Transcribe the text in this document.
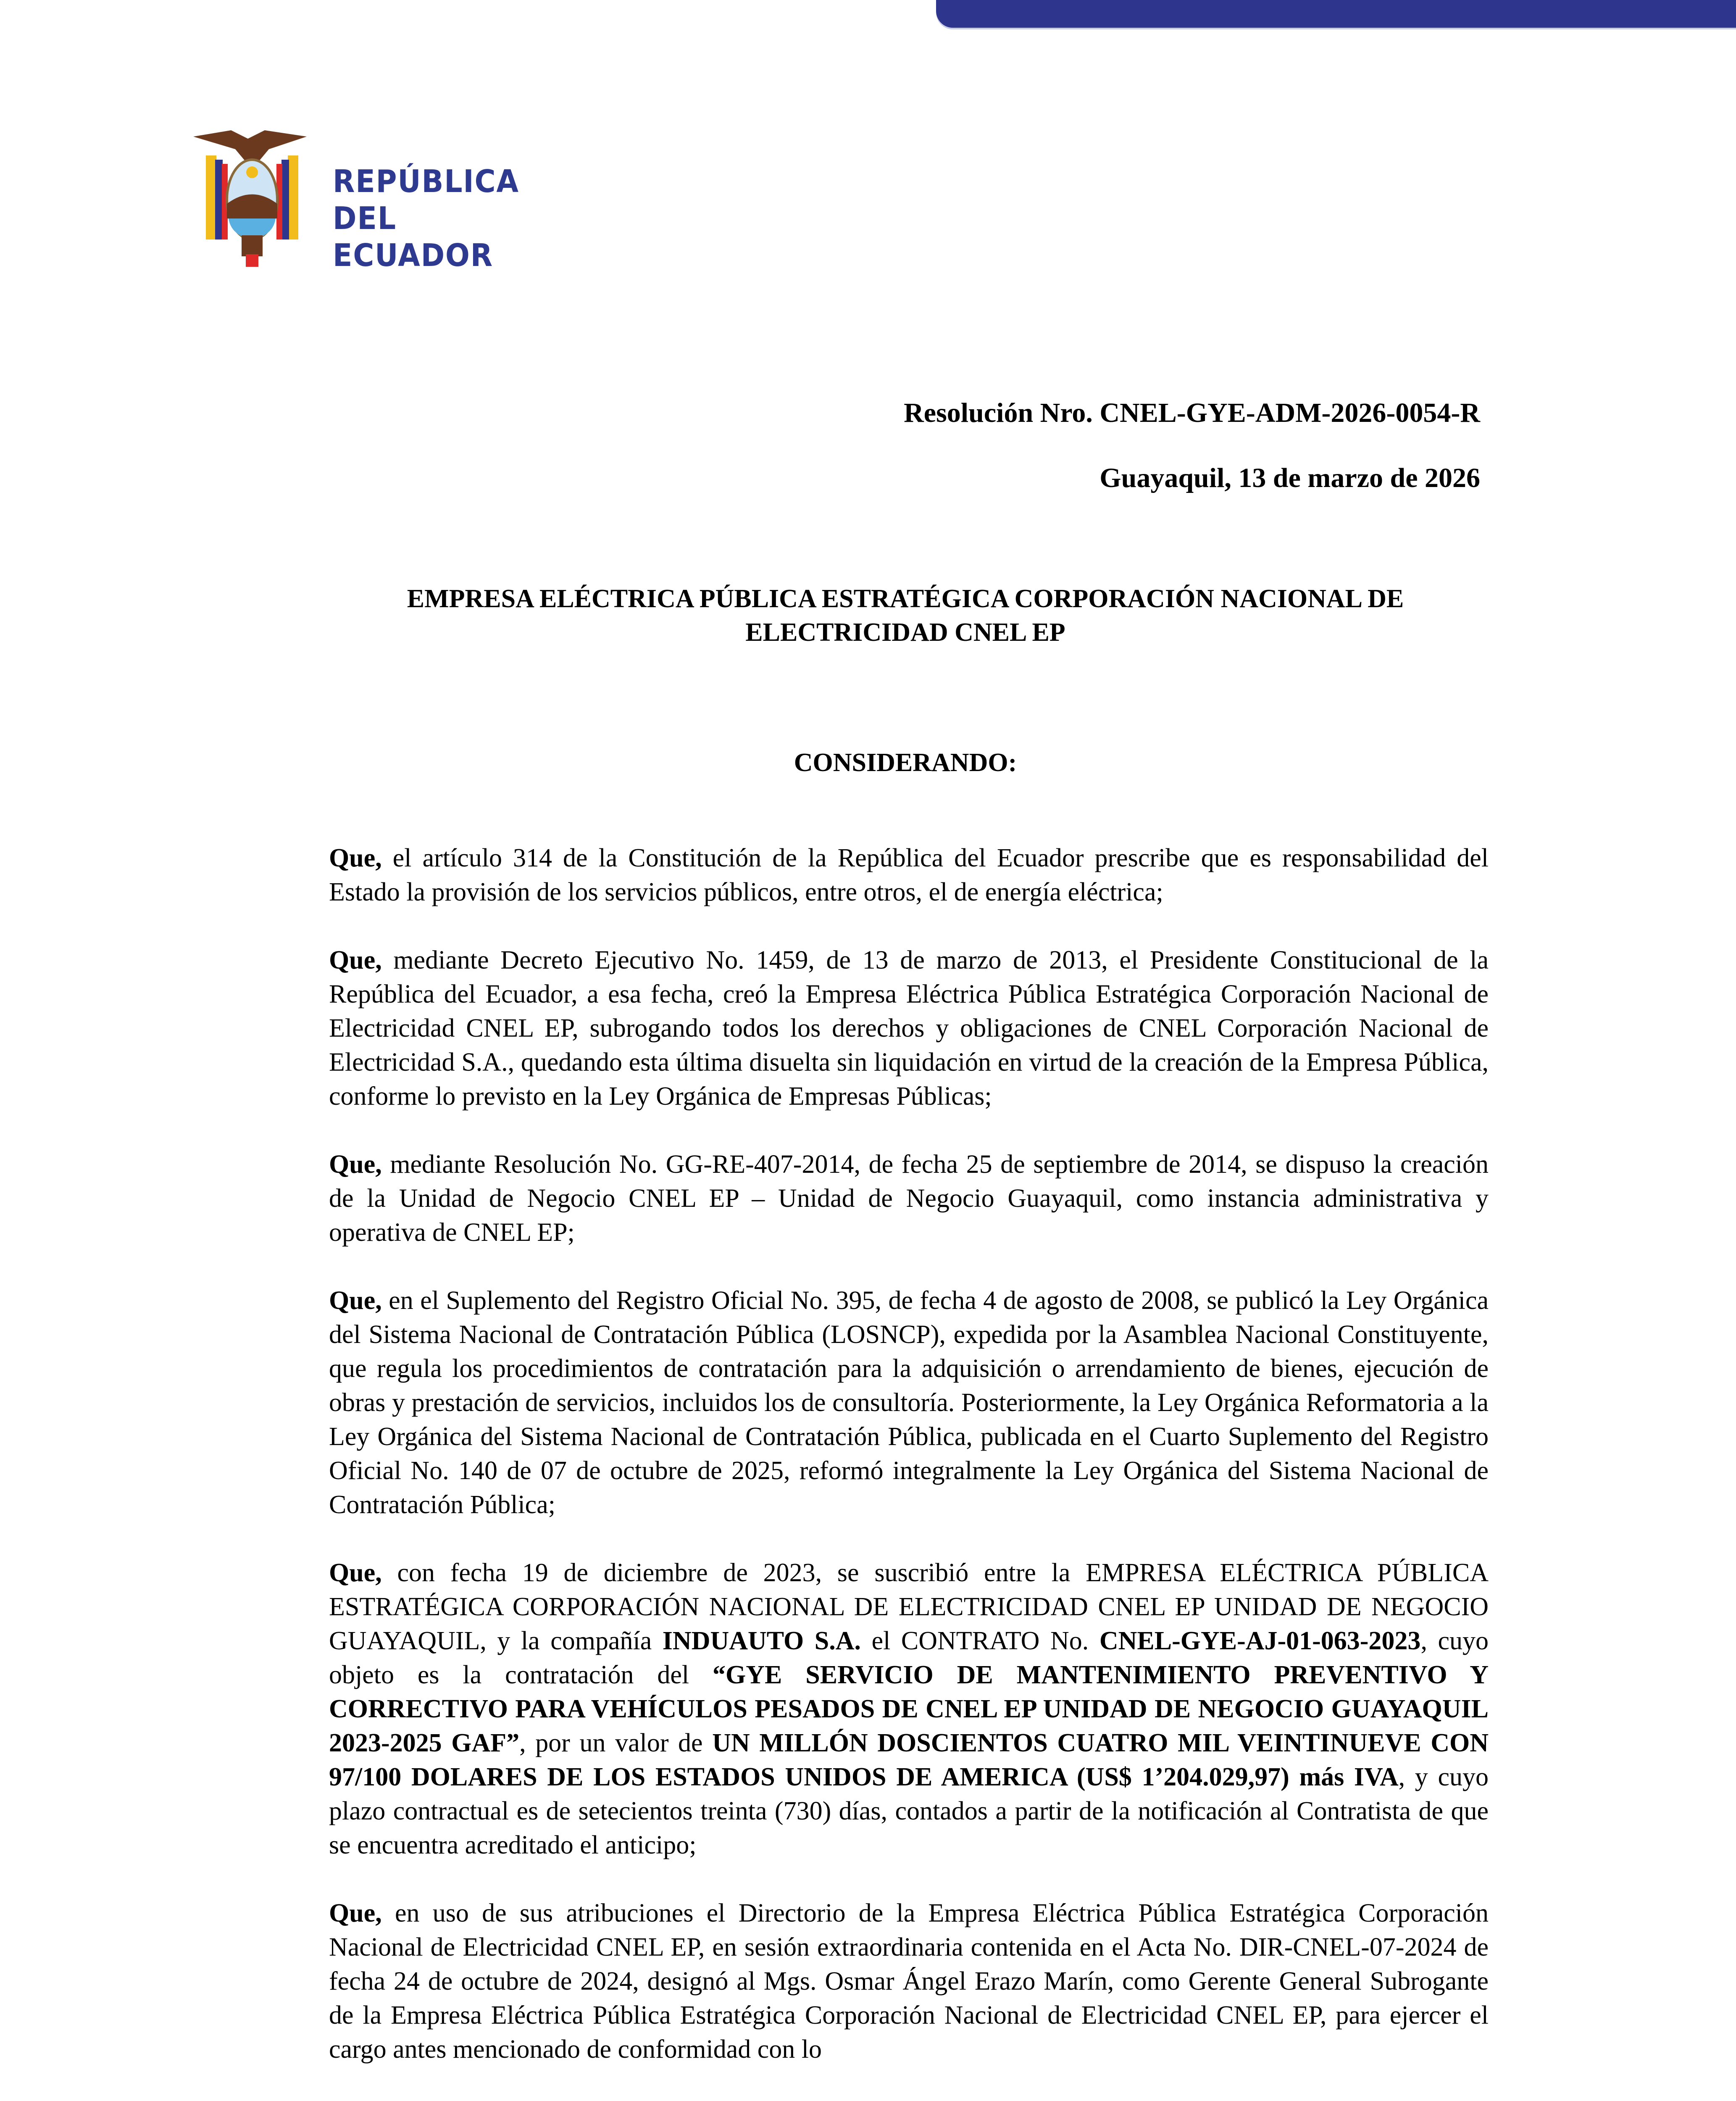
REPÚBLICA
DEL ECUADOR
Resolución Nro. CNEL-GYE-ADM-2026-0054-R
Guayaquil, 13 de marzo de 2026
EMPRESA ELÉCTRICA PÚBLICA ESTRATÉGICA CORPORACIÓN NACIONAL DE ELECTRICIDAD CNEL EP
CONSIDERANDO:

Que, el artículo 314 de la Constitución de la República del Ecuador prescribe que es responsabilidad del Estado la provisión de los servicios públicos, entre otros, el de energía eléctrica;

Que, mediante Decreto Ejecutivo No. 1459, de 13 de marzo de 2013, el Presidente Constitucional de la República del Ecuador, a esa fecha, creó la Empresa Eléctrica Pública Estratégica Corporación Nacional de Electricidad CNEL EP, subrogando todos los derechos y obligaciones de CNEL Corporación Nacional de Electricidad S.A., quedando esta última disuelta sin liquidación en virtud de la creación de la Empresa Pública, conforme lo previsto en la Ley Orgánica de Empresas Públicas;

Que, mediante Resolución No. GG-RE-407-2014, de fecha 25 de septiembre de 2014, se dispuso la creación de la Unidad de Negocio CNEL EP – Unidad de Negocio Guayaquil, como instancia administrativa y operativa de CNEL EP;

Que, en el Suplemento del Registro Oficial No. 395, de fecha 4 de agosto de 2008, se publicó la Ley Orgánica del Sistema Nacional de Contratación Pública (LOSNCP), expedida por la Asamblea Nacional Constituyente, que regula los procedimientos de contratación para la adquisición o arrendamiento de bienes, ejecución de obras y prestación de servicios, incluidos los de consultoría. Posteriormente, la Ley Orgánica Reformatoria a la Ley Orgánica del Sistema Nacional de Contratación Pública, publicada en el Cuarto Suplemento del Registro Oficial No. 140 de 07 de octubre de 2025, reformó integralmente la Ley Orgánica del Sistema Nacional de Contratación Pública;

Que, con fecha 19 de diciembre de 2023, se suscribió entre la EMPRESA ELÉCTRICA PÚBLICA ESTRATÉGICA CORPORACIÓN NACIONAL DE ELECTRICIDAD CNEL EP UNIDAD DE NEGOCIO GUAYAQUIL, y la compañía INDUAUTO S.A. el CONTRATO No. CNEL-GYE-AJ-01-063-2023, cuyo objeto es la contratación del “GYE SERVICIO DE MANTENIMIENTO PREVENTIVO Y CORRECTIVO PARA VEHÍCULOS PESADOS DE CNEL EP UNIDAD DE NEGOCIO GUAYAQUIL 2023-2025 GAF”, por un valor de UN MILLÓN DOSCIENTOS CUATRO MIL VEINTINUEVE CON 97/100 DOLARES DE LOS ESTADOS UNIDOS DE AMERICA (US$ 1’204.029,97) más IVA, y cuyo plazo contractual es de setecientos treinta (730) días, contados a partir de la notificación al Contratista de que se encuentra acreditado el anticipo;

Que, en uso de sus atribuciones el Directorio de la Empresa Eléctrica Pública Estratégica Corporación Nacional de Electricidad CNEL EP, en sesión extraordinaria contenida en el Acta No. DIR-CNEL-07-2024 de fecha 24 de octubre de 2024, designó al Mgs. Osmar Ángel Erazo Marín, como Gerente General Subrogante de la Empresa Eléctrica Pública Estratégica Corporación Nacional de Electricidad CNEL EP, para ejercer el cargo antes mencionado de conformidad con lo
